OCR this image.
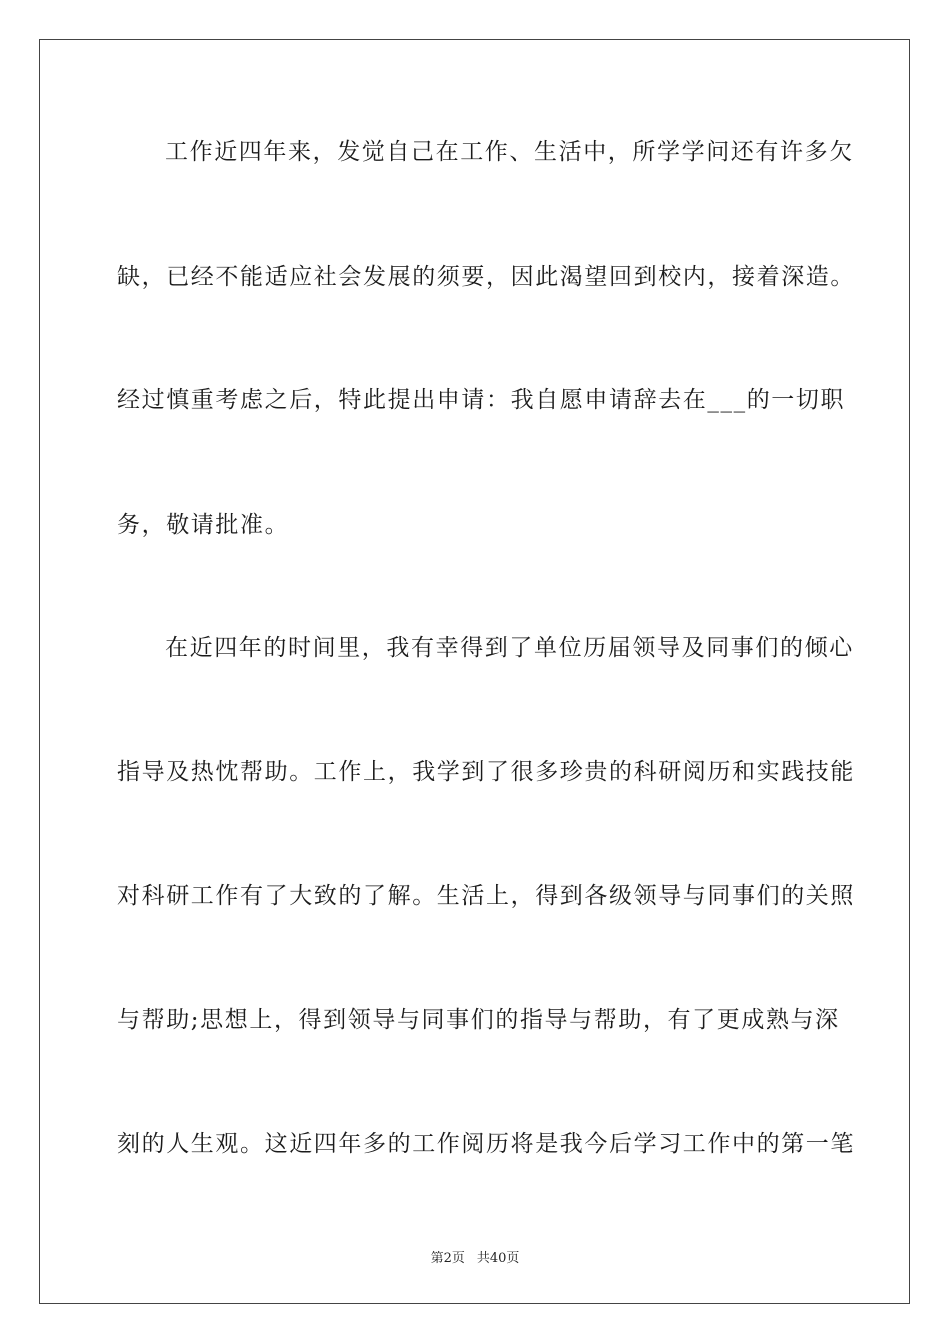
工作近四年来，发觉自己在工作、生活中，所学学问还有许多欠
缺，已经不能适应社会发展的须要，因此渴望回到校内，接着深造。
经过慎重考虑之后，特此提出申请：我自愿申请辞去在___的一切职
务，敬请批准。
在近四年的时间里，我有幸得到了单位历届领导及同事们的倾心
指导及热忱帮助。工作上，我学到了很多珍贵的科研阅历和实践技能
对科研工作有了大致的了解。生活上，得到各级领导与同事们的关照
与帮助;思想上，得到领导与同事们的指导与帮助，有了更成熟与深
刻的人生观。这近四年多的工作阅历将是我今后学习工作中的第一笔
第2页 共40页
